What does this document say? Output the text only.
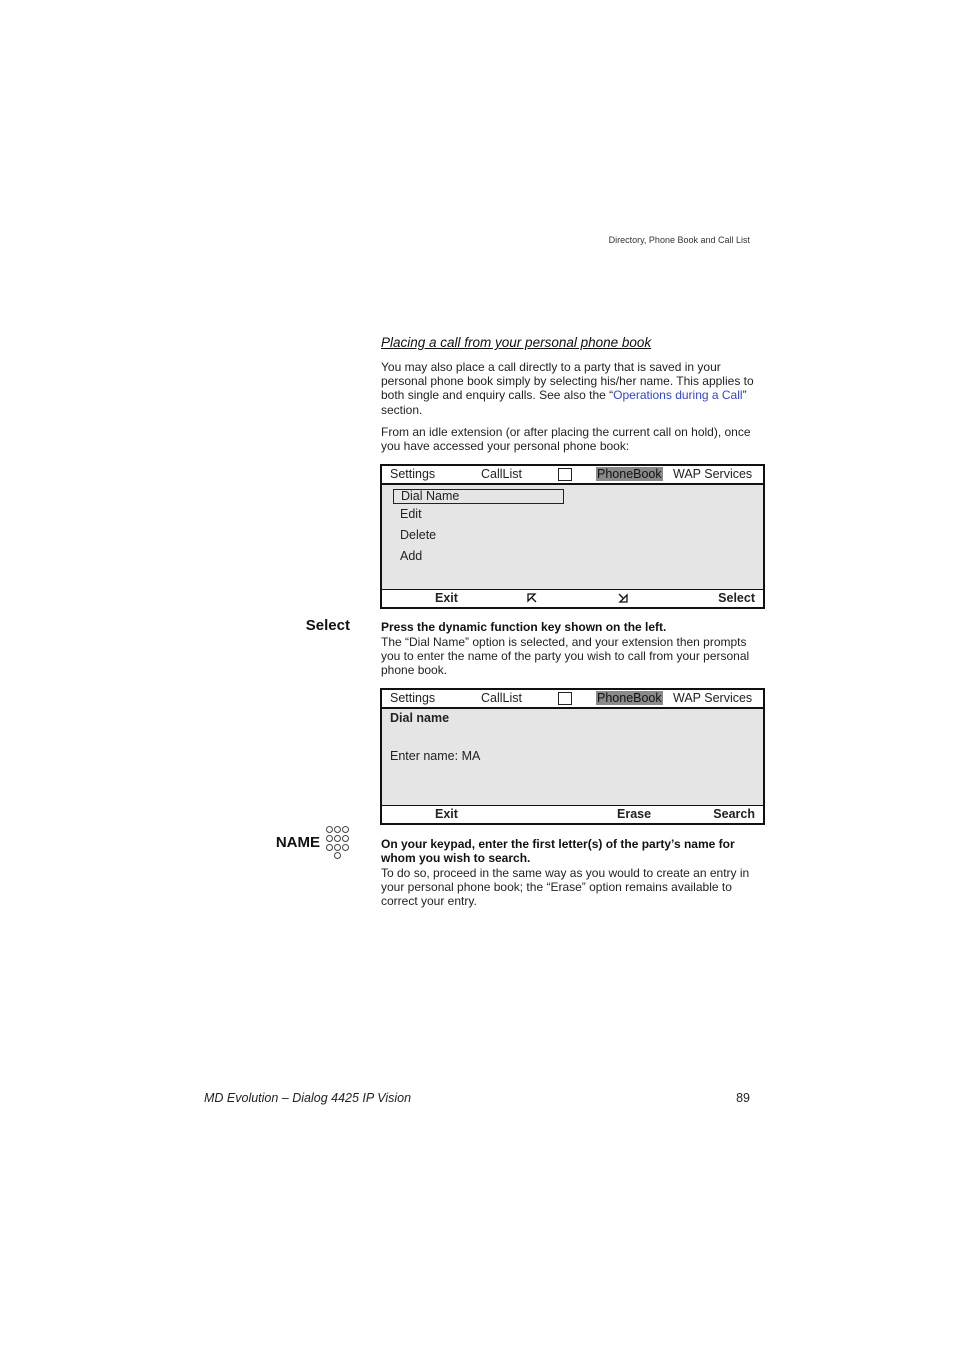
Directory, Phone Book and Call List
Placing a call from your personal phone book
You may also place a call directly to a party that is saved in your personal phone book simply by selecting his/her name. This applies to both single and enquiry calls. See also the “Operations during a Call” section.
From an idle extension (or after placing the current call on hold), once you have accessed your personal phone book:
Settings	CallList	PhoneBook WAP Services
Dial Name
Edit
Delete
Add
Exit	Select
Select	Press the dynamic function key shown on the left.
The “Dial Name” option is selected, and your extension then prompts you to enter the name of the party you wish to call from your personal phone book.
Settings	CallList	PhoneBook WAP Services
Dial name
Enter name: MA
Exit	Erase	Search
NAME	On your keypad, enter the first letter(s) of the party’s name for whom you wish to search.
To do so, proceed in the same way as you would to create an entry in your personal phone book; the “Erase” option remains available to correct your entry.
MD Evolution – Dialog 4425 IP Vision	89
